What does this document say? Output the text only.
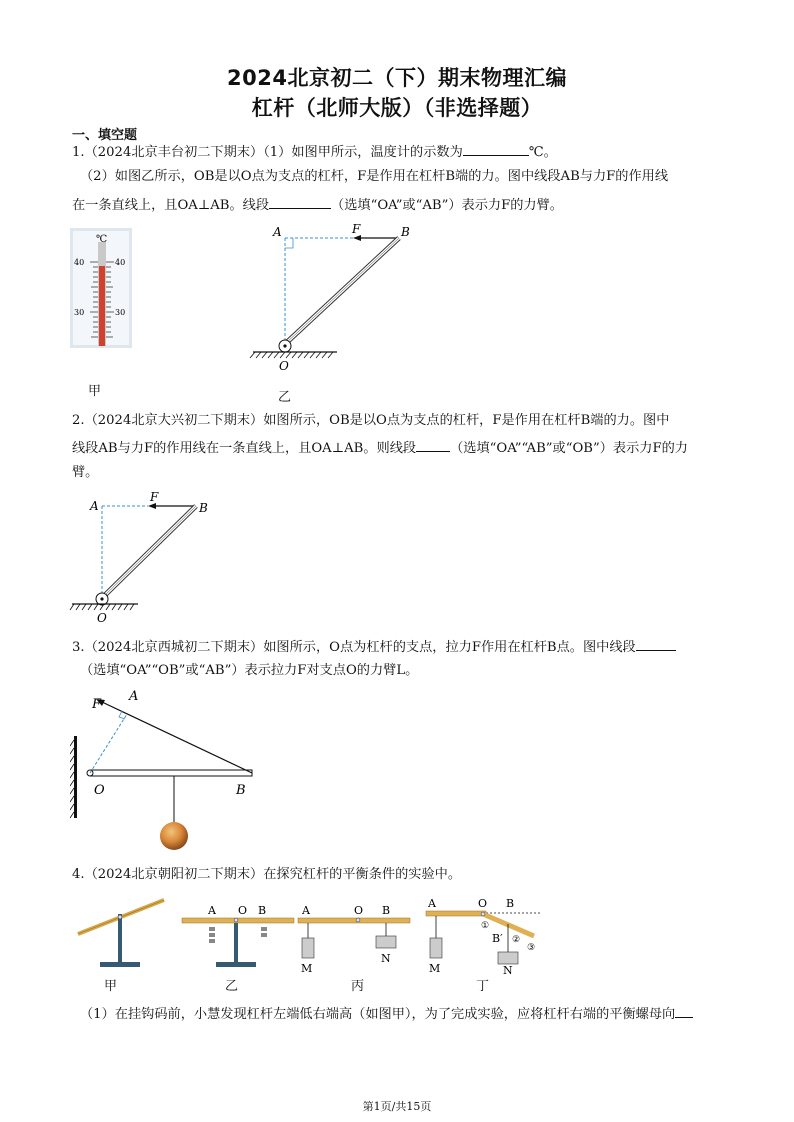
2024北京初二（下）期末物理汇编
杠杆（北师大版）（非选择题）
一、填空题
1.（2024北京丰台初二下期末）（1）如图甲所示，温度计的示数为	℃。
（2）如图乙所示，OB是以O点为支点的杠杆，F是作用在杠杆B端的力。图中线段AB与力F的作用线
在一条直线上，且OA⊥AB。线段	（选填“OA”或“AB”）表示力F的力臂。
℃
40	40
30	30
甲
A	F	B
O
乙
2.（2024北京大兴初二下期末）如图所示，OB是以O点为支点的杠杆，F是作用在杠杆B端的力。图中
线段AB与力F的作用线在一条直线上，且OA⊥AB。则线段	（选填“OA”“AB”或“OB”）表示力F的力
臂。
A
F
B
O
3.（2024北京西城初二下期末）如图所示，O点为杠杆的支点，拉力F作用在杠杆B点。图中线段
（选填“OA”“OB”或“AB”）表示拉力F对支点O的力臂L。
F
A
O	B
4.（2024北京朝阳初二下期末）在探究杠杆的平衡条件的实验中。
A O B	A	O B
M
N
A	O B
B′
①
②
③
M	N
甲	乙	丙	丁
（1）在挂钩码前，小慧发现杠杆左端低右端高（如图甲），为了完成实验，应将杠杆右端的平衡螺母向
第1页/共15页
